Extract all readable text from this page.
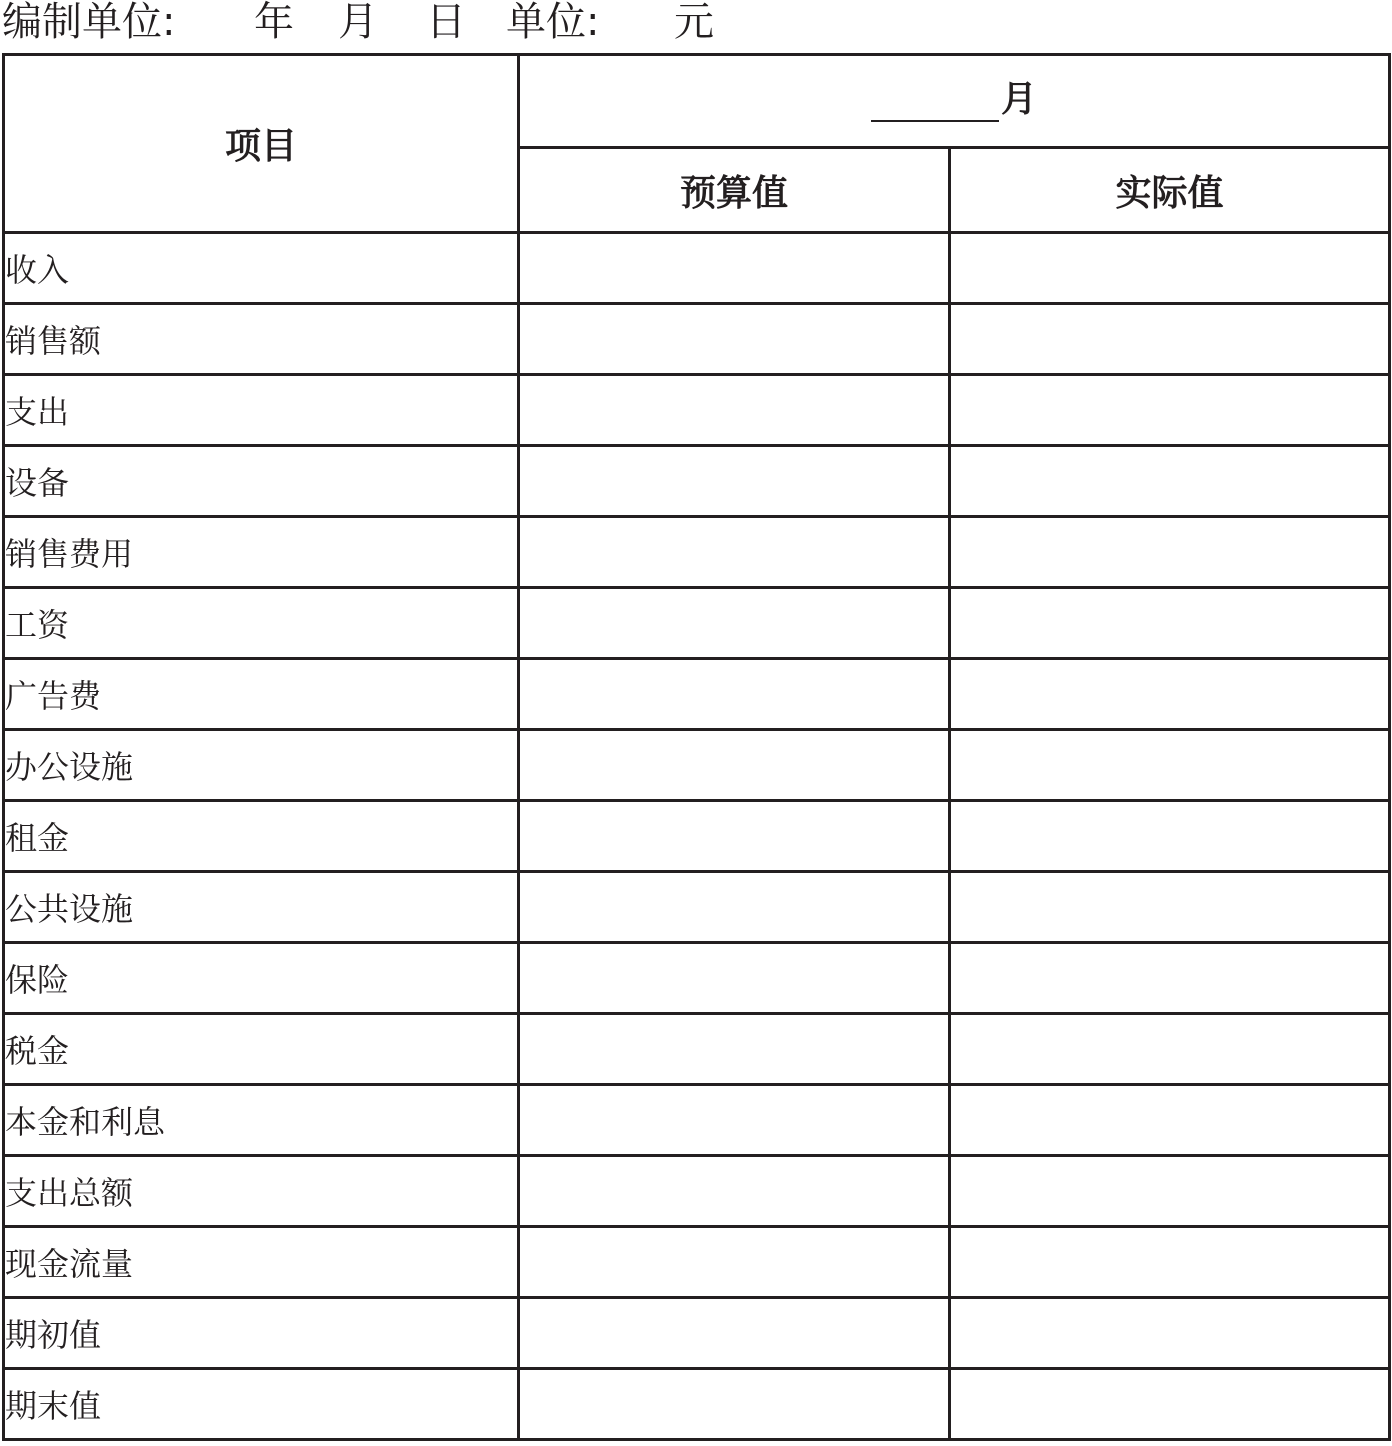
编制单位: 年 月 日 单位: 元
项目	月	

	预算值	实际值
收入		
销售额		
支出		
设备		
销售费用		
工资		
广告费		
办公设施		
租金		
公共设施		
保险		
税金		
本金和利息		
支出总额		
现金流量		
期初值		
期末值		
